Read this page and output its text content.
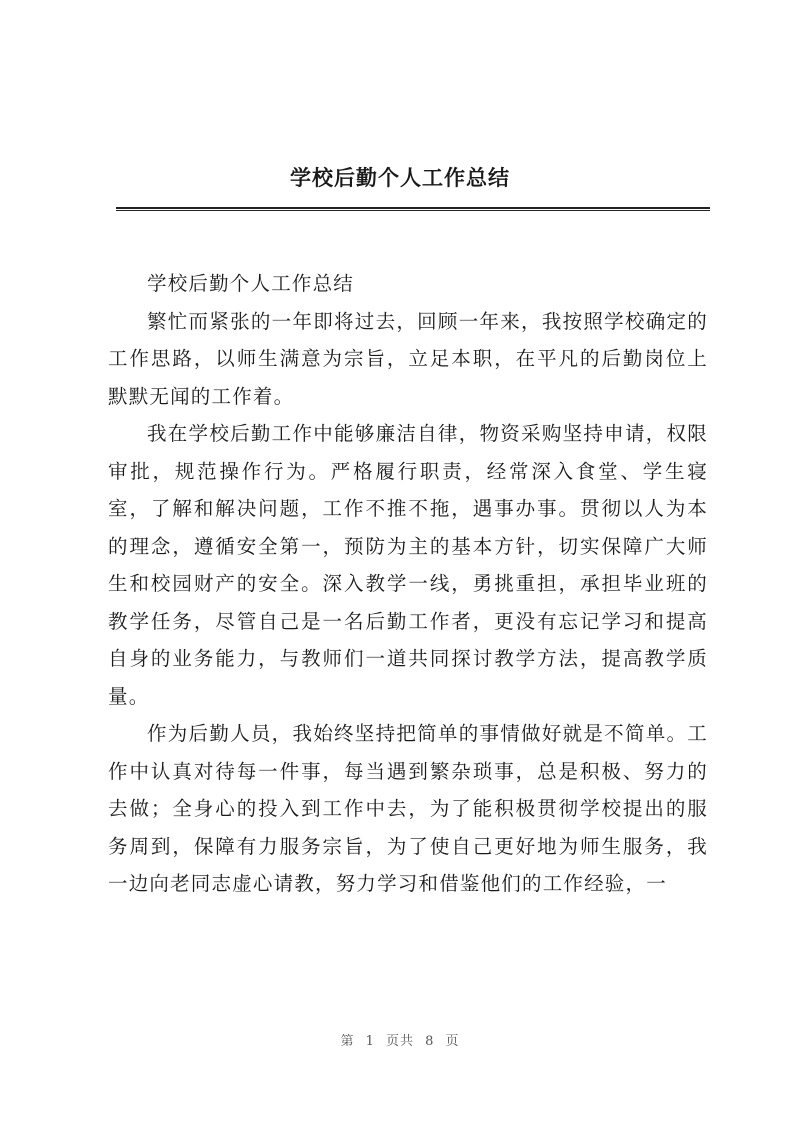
学校后勤个人工作总结

学校后勤个人工作总结

繁忙而紧张的一年即将过去，回顾一年来，我按照学校确定的工作思路，以师生满意为宗旨，立足本职，在平凡的后勤岗位上默默无闻的工作着。

我在学校后勤工作中能够廉洁自律，物资采购坚持申请，权限审批，规范操作行为。严格履行职责，经常深入食堂、学生寝室，了解和解决问题，工作不推不拖，遇事办事。贯彻以人为本的理念，遵循安全第一，预防为主的基本方针，切实保障广大师生和校园财产的安全。深入教学一线，勇挑重担，承担毕业班的教学任务，尽管自己是一名后勤工作者，更没有忘记学习和提高自身的业务能力，与教师们一道共同探讨教学方法，提高教学质量。

作为后勤人员，我始终坚持把简单的事情做好就是不简单。工作中认真对待每一件事，每当遇到繁杂琐事，总是积极、努力的去做；全身心的投入到工作中去，为了能积极贯彻学校提出的服务周到，保障有力服务宗旨，为了使自己更好地为师生服务，我一边向老同志虚心请教，努力学习和借鉴他们的工作经验，一

第 1 页共 8 页
